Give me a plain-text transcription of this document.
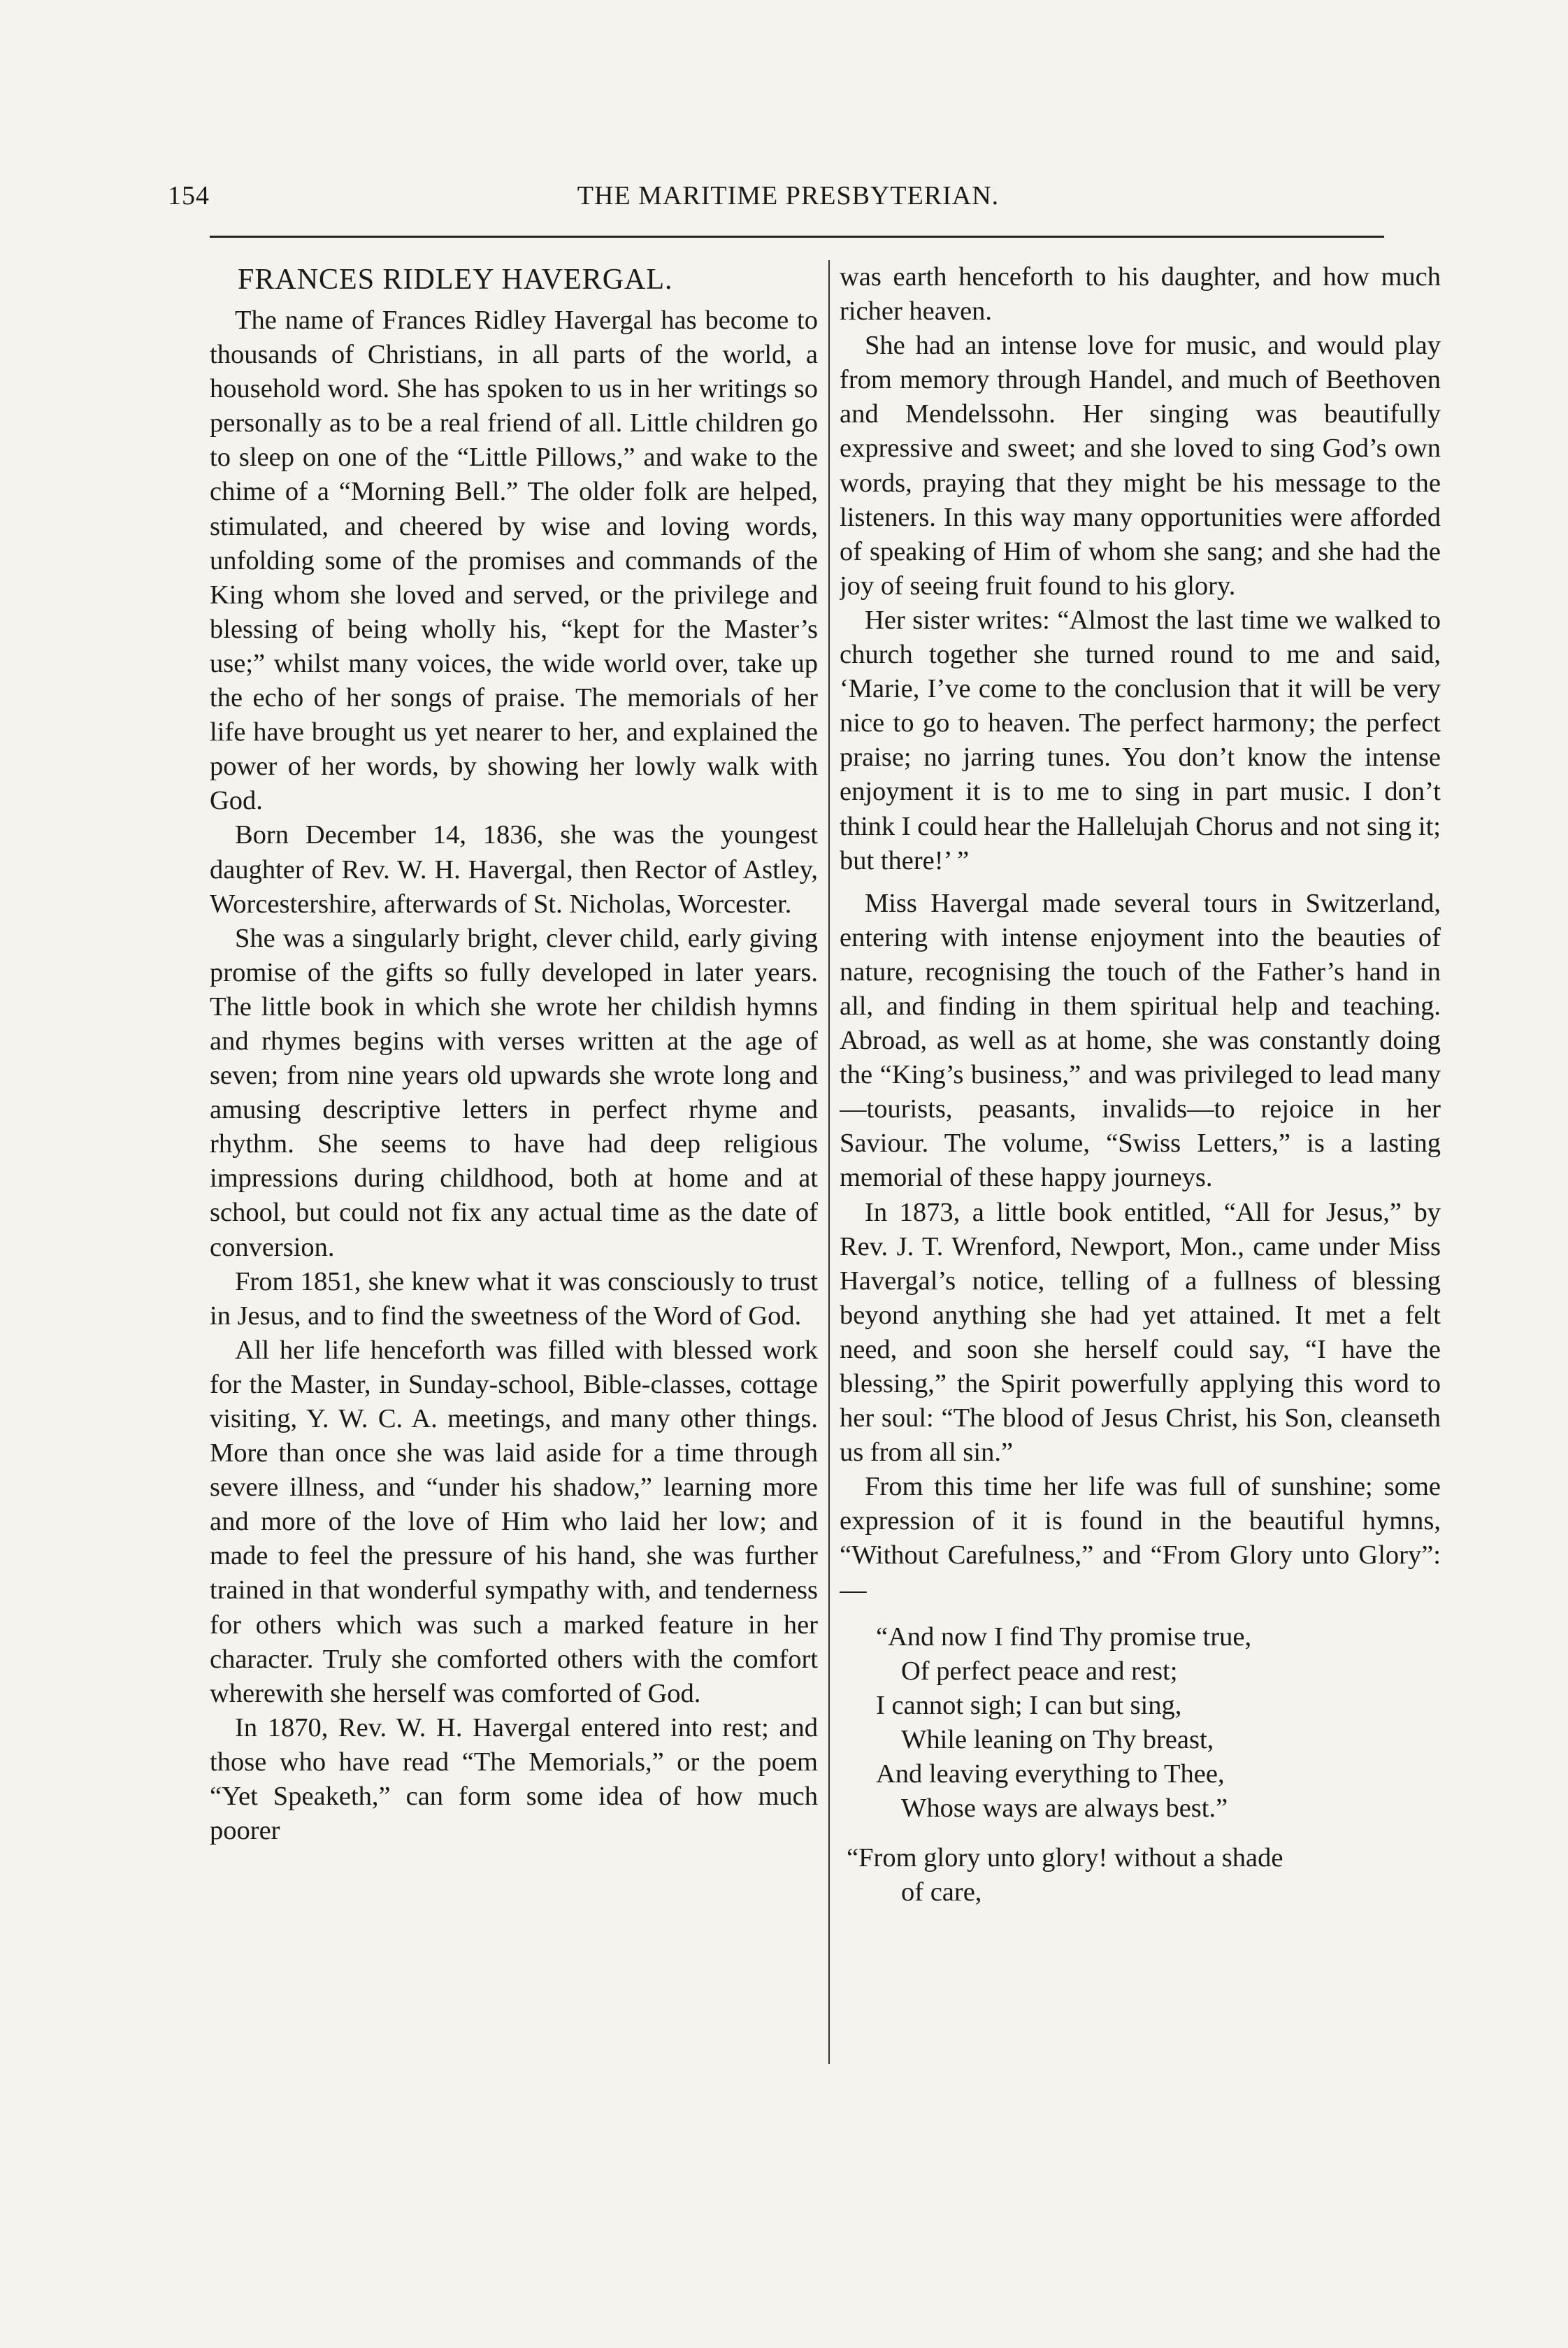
154	THE MARITIME PRESBYTERIAN.
FRANCES RIDLEY HAVERGAL.

The name of Frances Ridley Havergal has become to thousands of Christians, in all parts of the world, a household word. She has spoken to us in her writings so personally as to be a real friend of all. Little children go to sleep on one of the “Little Pillows,” and wake to the chime of a “Morning Bell.” The older folk are helped, stimulated, and cheered by wise and loving words, unfolding some of the promises and commands of the King whom she loved and served, or the privilege and blessing of being wholly his, “kept for the Master’s use;” whilst many voices, the wide world over, take up the echo of her songs of praise. The memorials of her life have brought us yet nearer to her, and explained the power of her words, by showing her lowly walk with God.

Born December 14, 1836, she was the youngest daughter of Rev. W. H. Havergal, then Rector of Astley, Worcestershire, afterwards of St. Nicholas, Worcester.

She was a singularly bright, clever child, early giving promise of the gifts so fully developed in later years. The little book in which she wrote her childish hymns and rhymes begins with verses written at the age of seven; from nine years old upwards she wrote long and amusing descriptive letters in perfect rhyme and rhythm. She seems to have had deep religious impressions during childhood, both at home and at school, but could not fix any actual time as the date of conversion.

From 1851, she knew what it was consciously to trust in Jesus, and to find the sweetness of the Word of God.

All her life henceforth was filled with blessed work for the Master, in Sunday-school, Bible-classes, cottage visiting, Y. W. C. A. meetings, and many other things. More than once she was laid aside for a time through severe illness, and “under his shadow,” learning more and more of the love of Him who laid her low; and made to feel the pressure of his hand, she was further trained in that wonderful sympathy with, and tenderness for others which was such a marked feature in her character. Truly she comforted others with the comfort wherewith she herself was comforted of God.

In 1870, Rev. W. H. Havergal entered into rest; and those who have read “The Memorials,” or the poem “Yet Speaketh,” can form some idea of how much poorer

was earth henceforth to his daughter, and how much richer heaven.

She had an intense love for music, and would play from memory through Handel, and much of Beethoven and Mendelssohn. Her singing was beautifully expressive and sweet; and she loved to sing God’s own words, praying that they might be his message to the listeners. In this way many opportunities were afforded of speaking of Him of whom she sang; and she had the joy of seeing fruit found to his glory.

Her sister writes: “Almost the last time we walked to church together she turned round to me and said, ‘Marie, I’ve come to the conclusion that it will be very nice to go to heaven. The perfect harmony; the perfect praise; no jarring tunes. You don’t know the intense enjoyment it is to me to sing in part music. I don’t think I could hear the Hallelujah Chorus and not sing it; but there!’ ”

Miss Havergal made several tours in Switzerland, entering with intense enjoyment into the beauties of nature, recognising the touch of the Father’s hand in all, and finding in them spiritual help and teaching. Abroad, as well as at home, she was constantly doing the “King’s business,” and was privileged to lead many—tourists, peasants, invalids—to rejoice in her Saviour. The volume, “Swiss Letters,” is a lasting memorial of these happy journeys.

In 1873, a little book entitled, “All for Jesus,” by Rev. J. T. Wrenford, Newport, Mon., came under Miss Havergal’s notice, telling of a fullness of blessing beyond anything she had yet attained. It met a felt need, and soon she herself could say, “I have the blessing,” the Spirit powerfully applying this word to her soul: “The blood of Jesus Christ, his Son, cleanseth us from all sin.”

From this time her life was full of sunshine; some expression of it is found in the beautiful hymns, “Without Carefulness,” and “From Glory unto Glory”:—

“And now I find Thy promise true,
Of perfect peace and rest;
I cannot sigh; I can but sing,
While leaning on Thy breast,
And leaving everything to Thee,
Whose ways are always best.”
“From glory unto glory! without a shade
of care,
